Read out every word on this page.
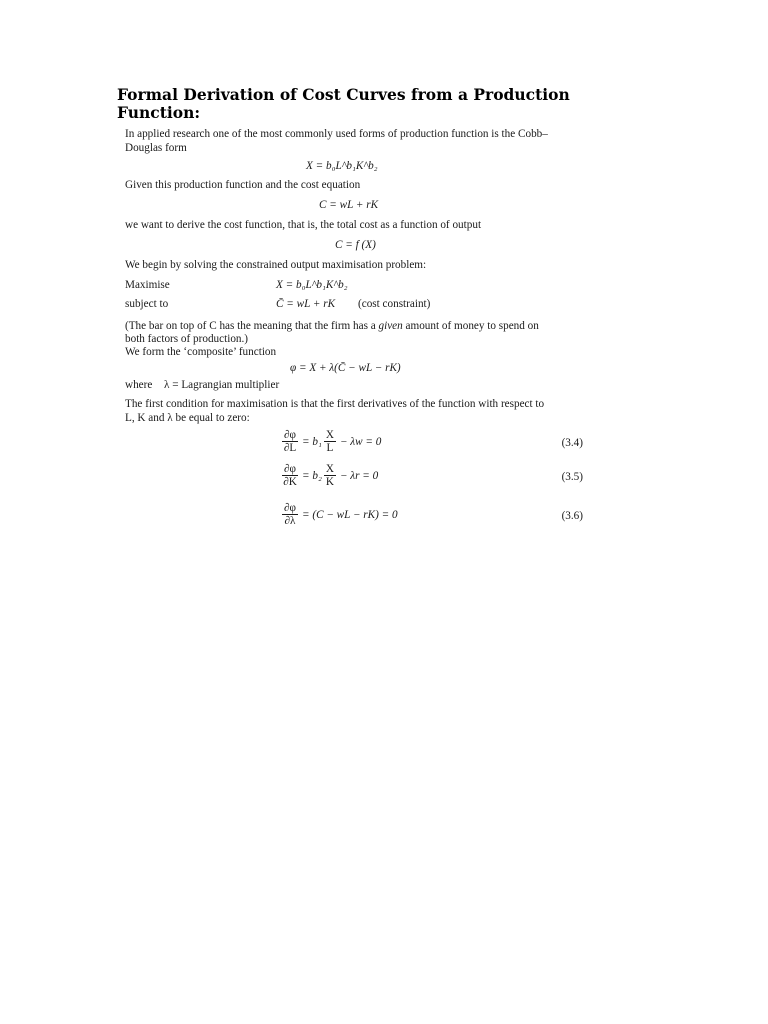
Formal Derivation of Cost Curves from a Production
Function:
In applied research one of the most commonly used forms of production function is the Cobb–
Douglas form
X = b₀L^b₁K^b₂
Given this production function and the cost equation
C = wL + rK
we want to derive the cost function, that is, the total cost as a function of output
C = f (X)
We begin by solving the constrained output maximisation problem:
Maximise	X = b₀L^b₁K^b₂
subject to	C̄ = wL + rK (cost constraint)
(The bar on top of C has the meaning that the firm has a given amount of money to spend on
both factors of production.)
We form the ‘composite’ function
φ = X + λ(C̄ − wL − rK)
where λ = Lagrangian multiplier
The first condition for maximisation is that the first derivatives of the function with respect to
L, K and λ be equal to zero:
$\frac{\partial\varphi}{\partial L} = b_1 \frac{X}{L} - \lambda w = 0$	(3.4)
$\frac{\partial\varphi}{\partial K} = b_2 \frac{X}{K} - \lambda r = 0$	(3.5)
$\frac{\partial\varphi}{\partial\lambda} = (C$ − wL − rK) = 0	(3.6)
